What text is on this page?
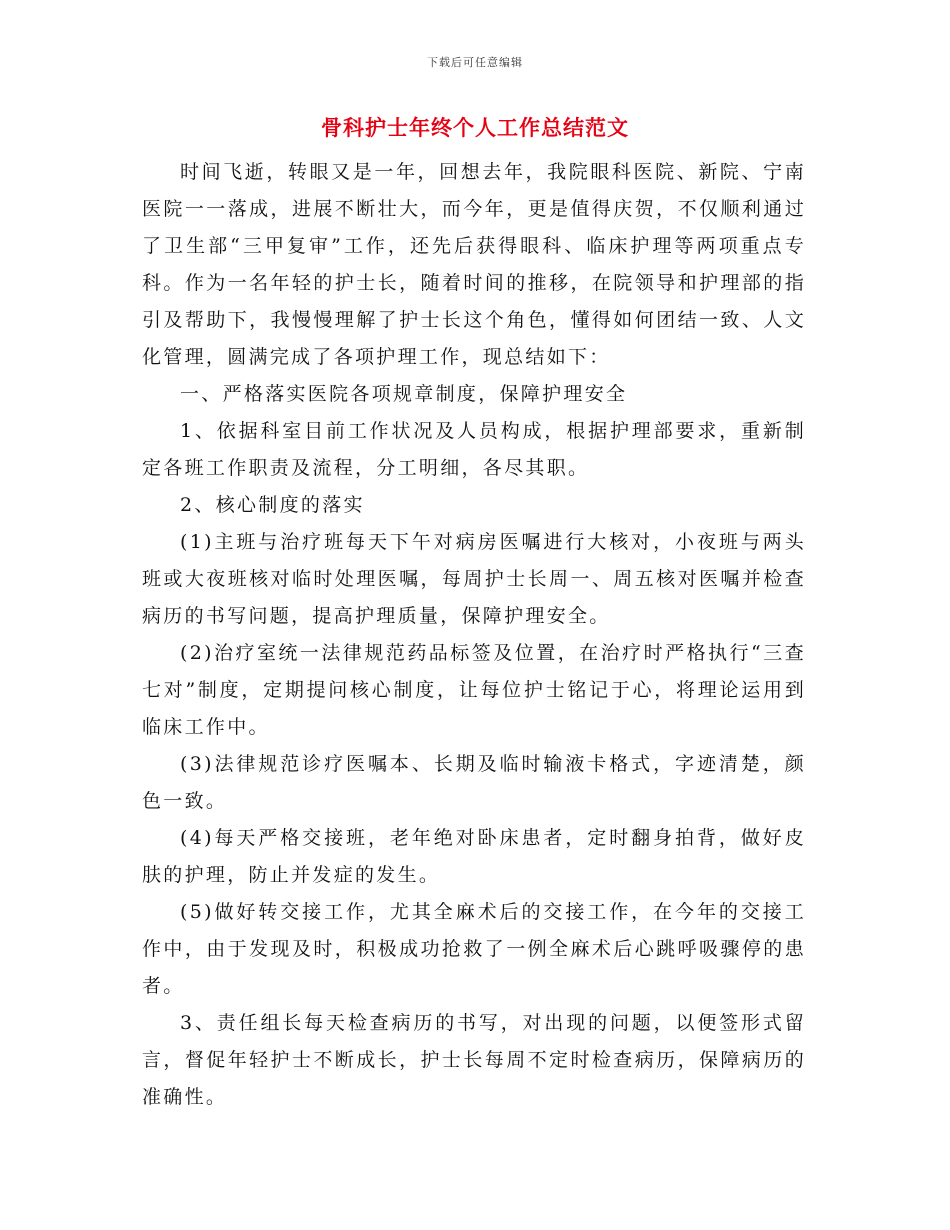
下载后可任意编辑
骨科护士年终个人工作总结范文

时间飞逝，转眼又是一年，回想去年，我院眼科医院、新院、宁南医院一一落成，进展不断壮大，而今年，更是值得庆贺，不仅顺利通过了卫生部“三甲复审”工作，还先后获得眼科、临床护理等两项重点专科。作为一名年轻的护士长，随着时间的推移，在院领导和护理部的指引及帮助下，我慢慢理解了护士长这个角色，懂得如何团结一致、人文化管理，圆满完成了各项护理工作，现总结如下：

一、严格落实医院各项规章制度，保障护理安全

1、依据科室目前工作状况及人员构成，根据护理部要求，重新制定各班工作职责及流程，分工明细，各尽其职。

2、核心制度的落实

(1)主班与治疗班每天下午对病房医嘱进行大核对，小夜班与两头班或大夜班核对临时处理医嘱，每周护士长周一、周五核对医嘱并检查病历的书写问题，提高护理质量，保障护理安全。

(2)治疗室统一法律规范药品标签及位置，在治疗时严格执行“三查七对”制度，定期提问核心制度，让每位护士铭记于心，将理论运用到临床工作中。

(3)法律规范诊疗医嘱本、长期及临时输液卡格式，字迹清楚，颜色一致。

(4)每天严格交接班，老年绝对卧床患者，定时翻身拍背，做好皮肤的护理，防止并发症的发生。

(5)做好转交接工作，尤其全麻术后的交接工作，在今年的交接工作中，由于发现及时，积极成功抢救了一例全麻术后心跳呼吸骤停的患者。

3、责任组长每天检查病历的书写，对出现的问题，以便签形式留言，督促年轻护士不断成长，护士长每周不定时检查病历，保障病历的准确性。
